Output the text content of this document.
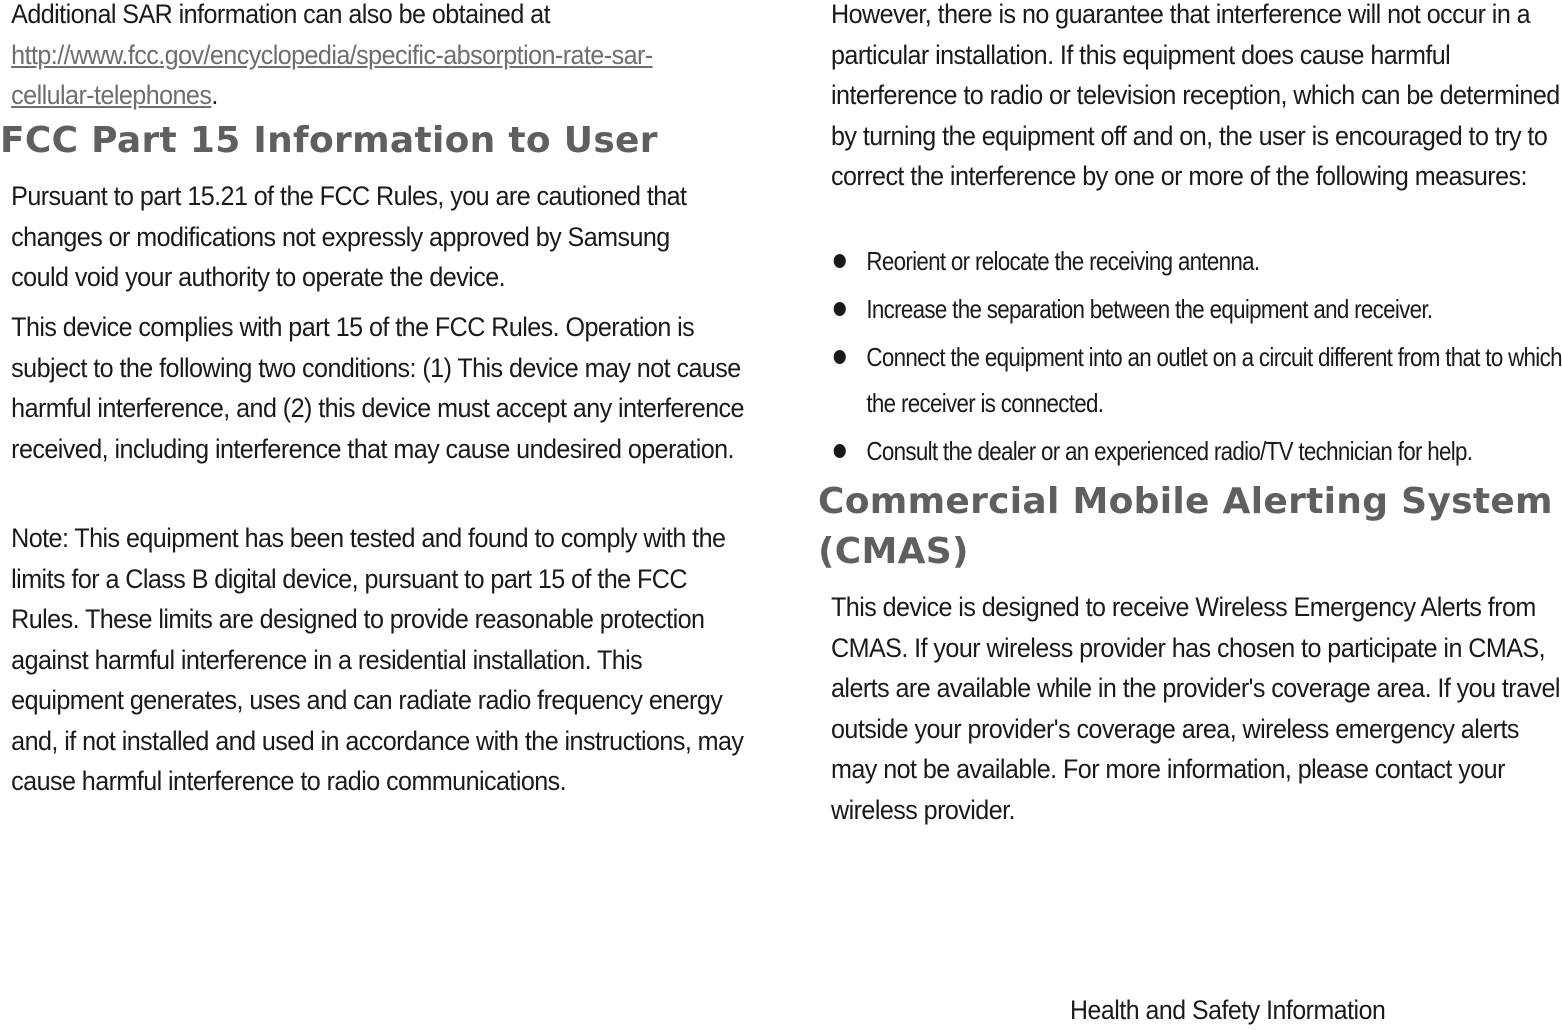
Additional SAR information can also be obtained at
http://www.fcc.gov/encyclopedia/specific-absorption-rate-sar-
cellular-telephones.

FCC Part 15 Information to User

Pursuant to part 15.21 of the FCC Rules, you are cautioned that changes or modifications not expressly approved by Samsung could void your authority to operate the device.

This device complies with part 15 of the FCC Rules. Operation is subject to the following two conditions: (1) This device may not cause harmful interference, and (2) this device must accept any interference received, including interference that may cause undesired operation.

Note: This equipment has been tested and found to comply with the limits for a Class B digital device, pursuant to part 15 of the FCC Rules. These limits are designed to provide reasonable protection against harmful interference in a residential installation. This equipment generates, uses and can radiate radio frequency energy and, if not installed and used in accordance with the instructions, may cause harmful interference to radio communications.

However, there is no guarantee that interference will not occur in a particular installation. If this equipment does cause harmful interference to radio or television reception, which can be determined by turning the equipment off and on, the user is encouraged to try to correct the interference by one or more of the following measures:

Reorient or relocate the receiving antenna.
Increase the separation between the equipment and receiver.
Connect the equipment into an outlet on a circuit different from that to which the receiver is connected.
Consult the dealer or an experienced radio/TV technician for help.
Commercial Mobile Alerting System (CMAS)

This device is designed to receive Wireless Emergency Alerts from CMAS. If your wireless provider has chosen to participate in CMAS, alerts are available while in the provider's coverage area. If you travel outside your provider's coverage area, wireless emergency alerts may not be available. For more information, please contact your wireless provider.

Health and Safety Information
